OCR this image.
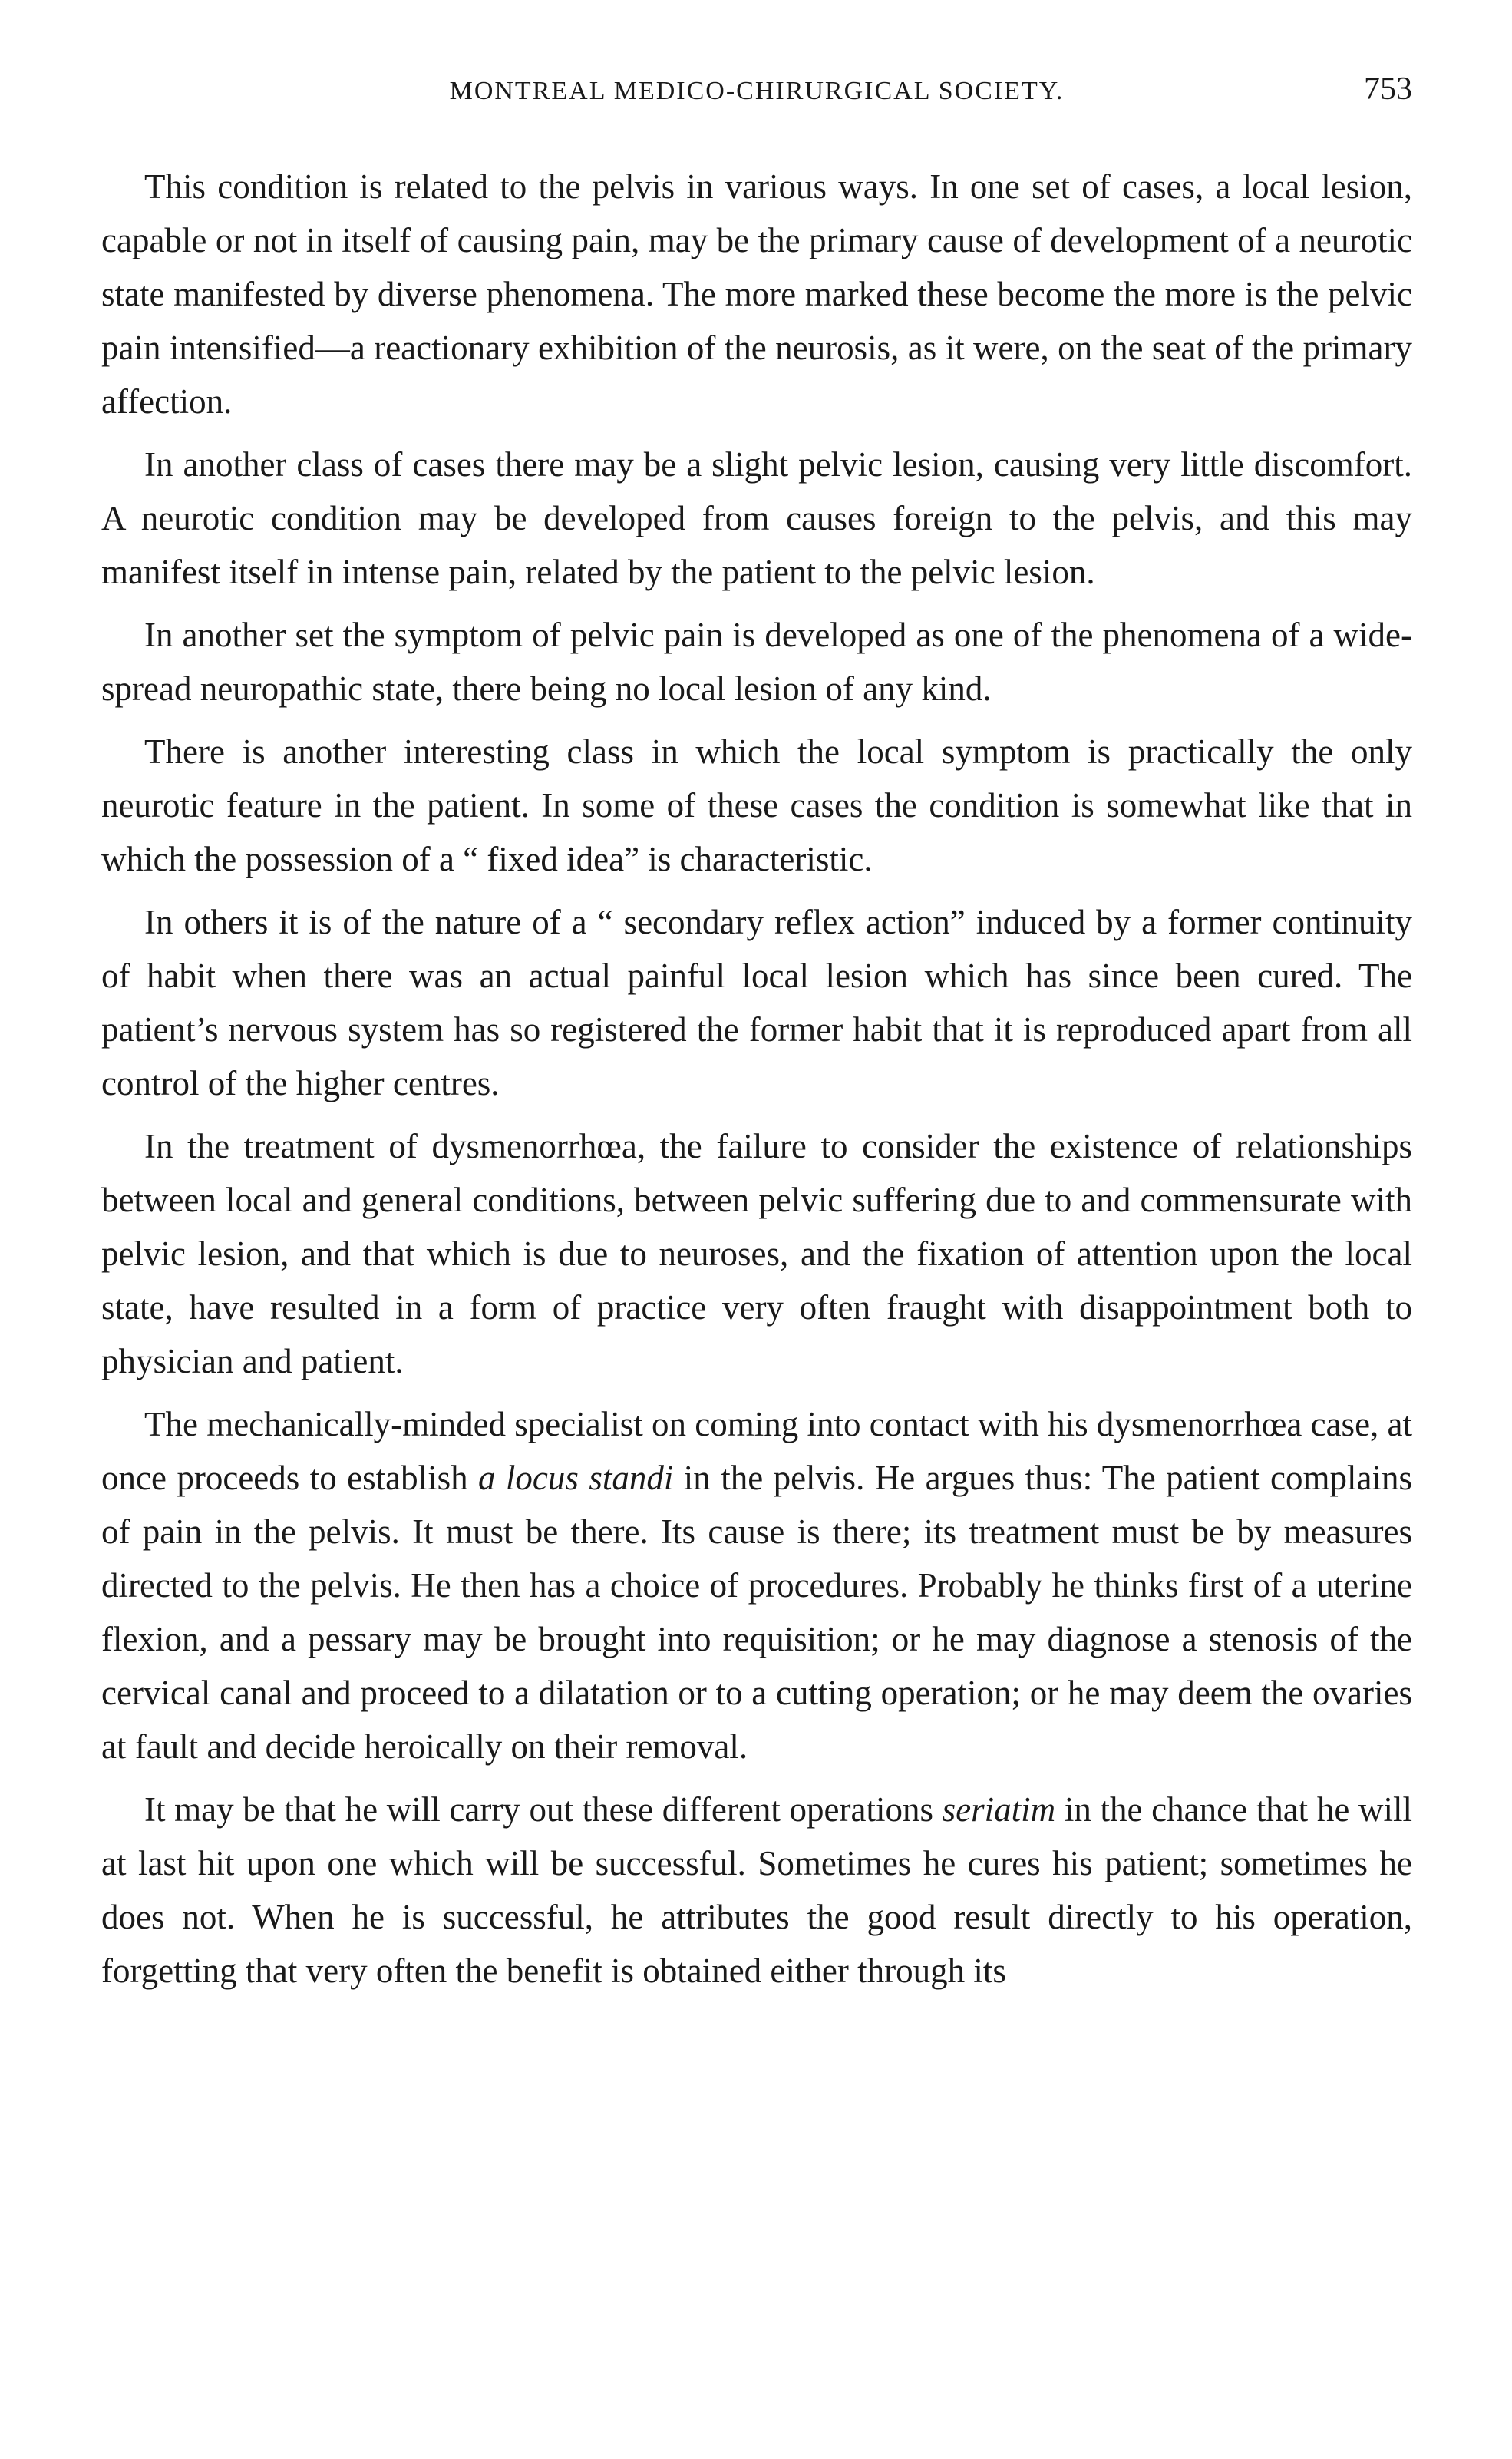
MONTREAL MEDICO-CHIRURGICAL SOCIETY.	753

This condition is related to the pelvis in various ways. In one set of cases, a local lesion, capable or not in itself of causing pain, may be the primary cause of development of a neurotic state manifested by diverse phenomena. The more marked these become the more is the pelvic pain intensified—a reactionary exhibition of the neurosis, as it were, on the seat of the primary affection.

In another class of cases there may be a slight pelvic lesion, causing very little discomfort. A neurotic condition may be developed from causes foreign to the pelvis, and this may manifest itself in intense pain, related by the patient to the pelvic lesion.

In another set the symptom of pelvic pain is developed as one of the phenomena of a wide-spread neuropathic state, there being no local lesion of any kind.

There is another interesting class in which the local symptom is practically the only neurotic feature in the patient. In some of these cases the condition is somewhat like that in which the possession of a “ fixed idea” is characteristic.

In others it is of the nature of a “ secondary reflex action” induced by a former continuity of habit when there was an actual painful local lesion which has since been cured. The patient’s nervous system has so registered the former habit that it is reproduced apart from all control of the higher centres.

In the treatment of dysmenorrhœa, the failure to consider the existence of relationships between local and general conditions, between pelvic suffering due to and commensurate with pelvic lesion, and that which is due to neuroses, and the fixation of attention upon the local state, have resulted in a form of practice very often fraught with disappointment both to physician and patient.

The mechanically-minded specialist on coming into contact with his dysmenorrhœa case, at once proceeds to establish a locus standi in the pelvis. He argues thus: The patient complains of pain in the pelvis. It must be there. Its cause is there; its treatment must be by measures directed to the pelvis. He then has a choice of procedures. Probably he thinks first of a uterine flexion, and a pessary may be brought into requisition; or he may diagnose a stenosis of the cervical canal and proceed to a dilatation or to a cutting operation; or he may deem the ovaries at fault and decide heroically on their removal.

It may be that he will carry out these different operations seriatim in the chance that he will at last hit upon one which will be successful. Sometimes he cures his patient; sometimes he does not. When he is successful, he attributes the good result directly to his operation, forgetting that very often the benefit is obtained either through its
